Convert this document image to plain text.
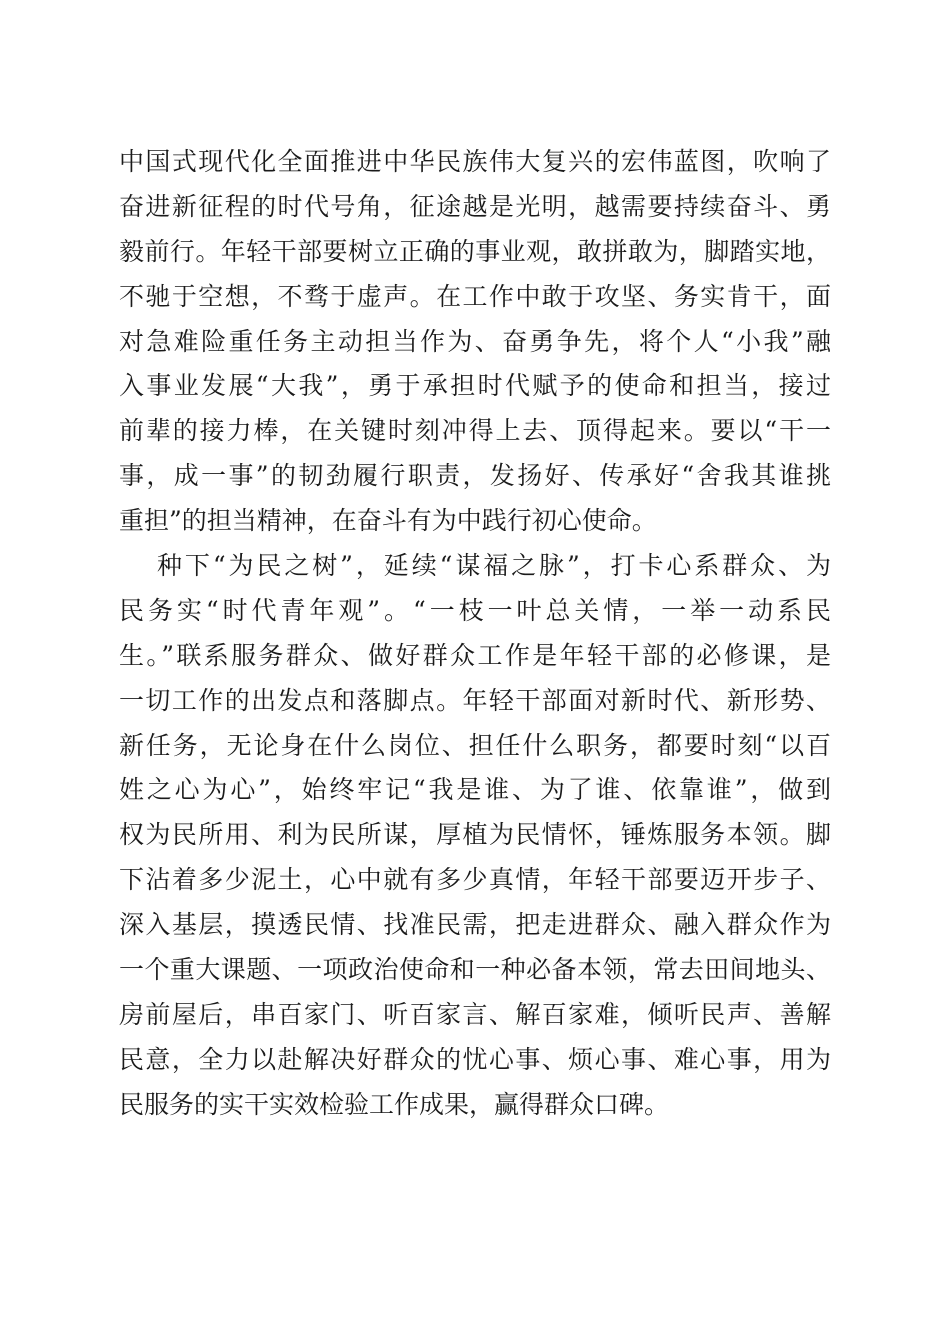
中国式现代化全面推进中华民族伟大复兴的宏伟蓝图，吹响了
奋进新征程的时代号角，征途越是光明，越需要持续奋斗、勇
毅前行。年轻干部要树立正确的事业观，敢拼敢为，脚踏实地，
不驰于空想，不骛于虚声。在工作中敢于攻坚、务实肯干，面
对急难险重任务主动担当作为、奋勇争先，将个人“小我”融
入事业发展“大我”，勇于承担时代赋予的使命和担当，接过
前辈的接力棒，在关键时刻冲得上去、顶得起来。要以“干一
事，成一事”的韧劲履行职责，发扬好、传承好“舍我其谁挑
重担”的担当精神，在奋斗有为中践行初心使命。
种下“为民之树”，延续“谋福之脉”，打卡心系群众、为
民务实“时代青年观”。“一枝一叶总关情，一举一动系民
生。”联系服务群众、做好群众工作是年轻干部的必修课，是
一切工作的出发点和落脚点。年轻干部面对新时代、新形势、
新任务，无论身在什么岗位、担任什么职务，都要时刻“以百
姓之心为心”，始终牢记“我是谁、为了谁、依靠谁”，做到
权为民所用、利为民所谋，厚植为民情怀，锤炼服务本领。脚
下沾着多少泥土，心中就有多少真情，年轻干部要迈开步子、
深入基层，摸透民情、找准民需，把走进群众、融入群众作为
一个重大课题、一项政治使命和一种必备本领，常去田间地头、
房前屋后，串百家门、听百家言、解百家难，倾听民声、善解
民意，全力以赴解决好群众的忧心事、烦心事、难心事，用为
民服务的实干实效检验工作成果，赢得群众口碑。
